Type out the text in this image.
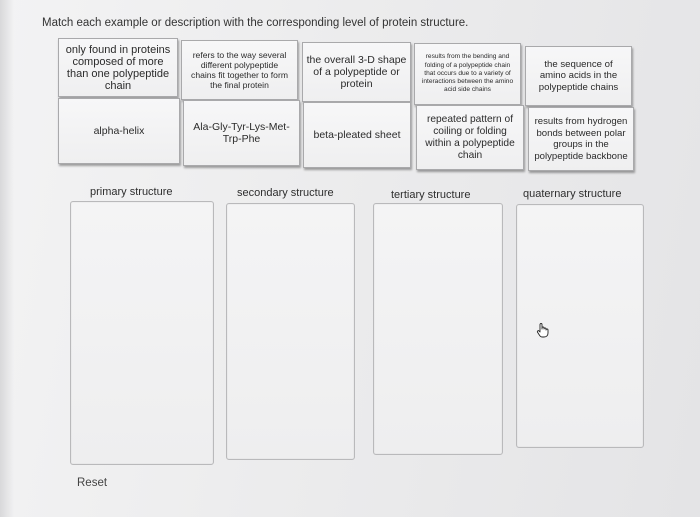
Match each example or description with the corresponding level of protein structure.
only found in proteins composed of more than one polypeptide chain
refers to the way several different polypeptide chains fit together to form the final protein
the overall 3-D shape of a polypeptide or protein
results from the bending and folding of a polypeptide chain that occurs due to a variety of interactions between the amino acid side chains
the sequence of amino acids in the polypeptide chains
alpha-helix	Ala-Gly-Tyr-Lys-Met-Trp-Phe	beta-pleated sheet
repeated pattern of coiling or folding within a polypeptide chain
results from hydrogen bonds between polar groups in the polypeptide backbone
primary structure	secondary structure	tertiary structure	quaternary structure
Reset
